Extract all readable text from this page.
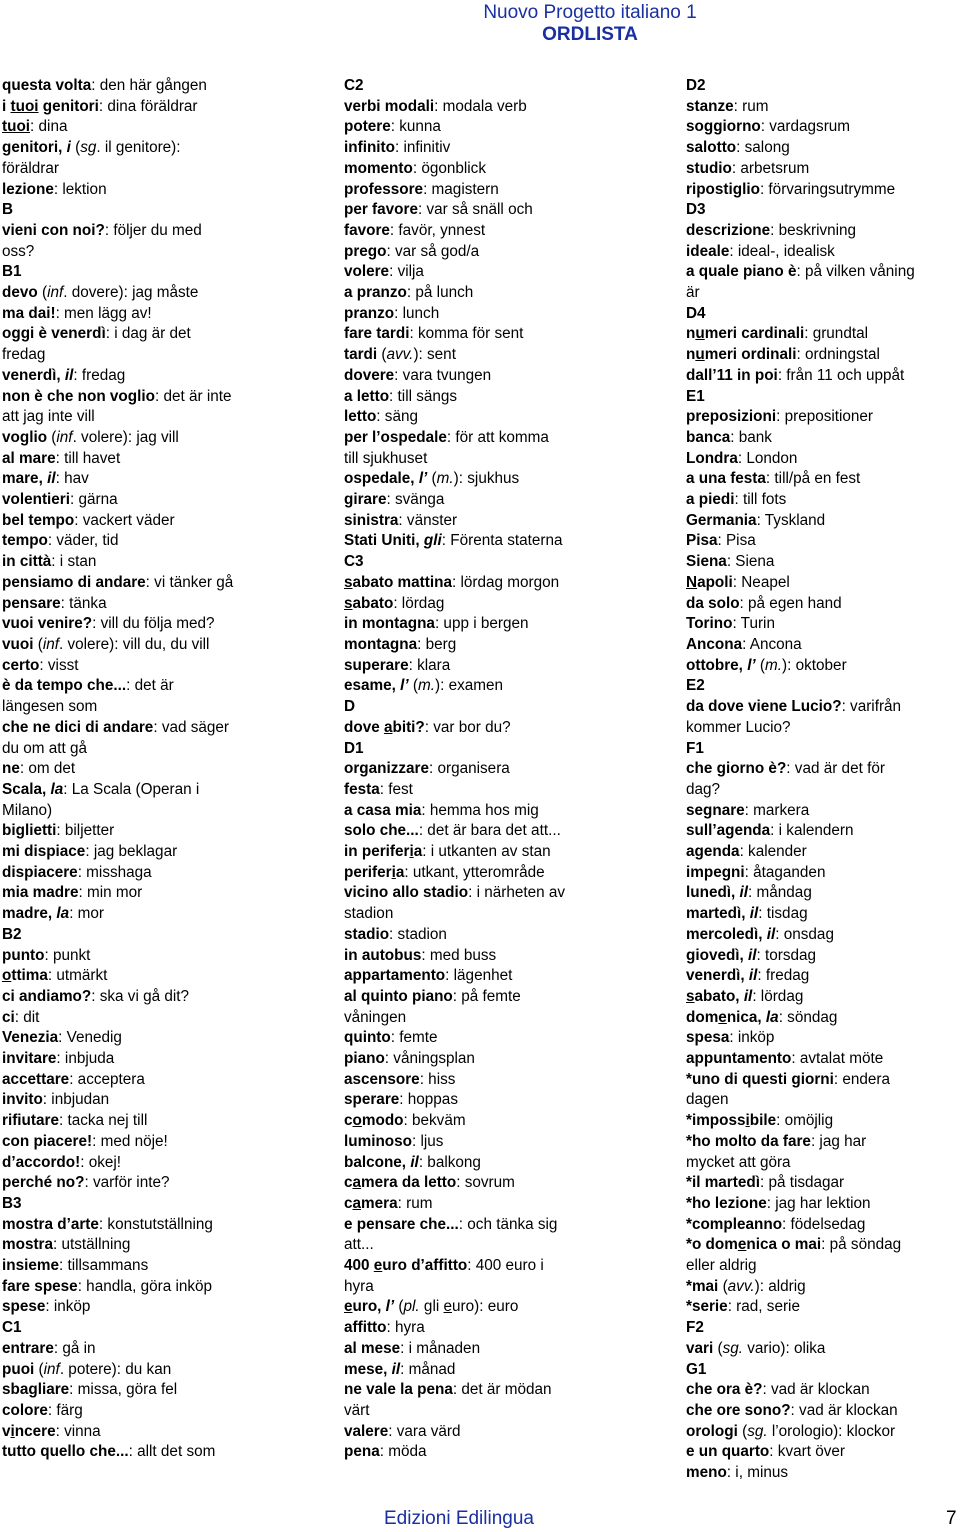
Nuovo Progetto italiano 1
ORDLISTA
questa volta: den här gången
i tuoi genitori: dina föräldrar
tuoi: dina
genitori, i (sg. il genitore):
föräldrar
lezione: lektion
B
vieni con noi?: följer du med
oss?
B1
devo (inf. dovere): jag måste
ma dai!: men lägg av!
oggi è venerdì: i dag är det
fredag
venerdì, il: fredag
non è che non voglio: det är inte
att jag inte vill
voglio (inf. volere): jag vill
al mare: till havet
mare, il: hav
volentieri: gärna
bel tempo: vackert väder
tempo: väder, tid
in città: i stan
pensiamo di andare: vi tänker gå
pensare: tänka
vuoi venire?: vill du följa med?
vuoi (inf. volere): vill du, du vill
certo: visst
è da tempo che...: det är
längesen som
che ne dici di andare: vad säger
du om att gå
ne: om det
Scala, la: La Scala (Operan i
Milano)
biglietti: biljetter
mi dispiace: jag beklagar
dispiacere: misshaga
mia madre: min mor
madre, la: mor
B2
punto: punkt
ottima: utmärkt
ci andiamo?: ska vi gå dit?
ci: dit
Venezia: Venedig
invitare: inbjuda
accettare: acceptera
invito: inbjudan
rifiutare: tacka nej till
con piacere!: med nöje!
d’accordo!: okej!
perché no?: varför inte?
B3
mostra d’arte: konstutställning
mostra: utställning
insieme: tillsammans
fare spese: handla, göra inköp
spese: inköp
C1
entrare: gå in
puoi (inf. potere): du kan
sbagliare: missa, göra fel
colore: färg
vincere: vinna
tutto quello che...: allt det som
C2
verbi modali: modala verb
potere: kunna
infinito: infinitiv
momento: ögonblick
professore: magistern
per favore: var så snäll och
favore: favör, ynnest
prego: var så god/a
volere: vilja
a pranzo: på lunch
pranzo: lunch
fare tardi: komma för sent
tardi (avv.): sent
dovere: vara tvungen
a letto: till sängs
letto: säng
per l’ospedale: för att komma
till sjukhuset
ospedale, l’ (m.): sjukhus
girare: svänga
sinistra: vänster
Stati Uniti, gli: Förenta staterna
C3
sabato mattina: lördag morgon
sabato: lördag
in montagna: upp i bergen
montagna: berg
superare: klara
esame, l’ (m.): examen
D
dove abiti?: var bor du?
D1
organizzare: organisera
festa: fest
a casa mia: hemma hos mig
solo che...: det är bara det att...
in periferia: i utkanten av stan
periferia: utkant, ytterområde
vicino allo stadio: i närheten av
stadion
stadio: stadion
in autobus: med buss
appartamento: lägenhet
al quinto piano: på femte
våningen
quinto: femte
piano: våningsplan
ascensore: hiss
sperare: hoppas
comodo: bekväm
luminoso: ljus
balcone, il: balkong
camera da letto: sovrum
camera: rum
e pensare che...: och tänka sig
att...
400 euro d’affitto: 400 euro i
hyra
euro, l’ (pl. gli euro): euro
affitto: hyra
al mese: i månaden
mese, il: månad
ne vale la pena: det är mödan
värt
valere: vara värd
pena: möda
D2
stanze: rum
soggiorno: vardagsrum
salotto: salong
studio: arbetsrum
ripostiglio: förvaringsutrymme
D3
descrizione: beskrivning
ideale: ideal-, idealisk
a quale piano è: på vilken våning
är
D4
numeri cardinali: grundtal
numeri ordinali: ordningstal
dall’11 in poi: från 11 och uppåt
E1
preposizioni: prepositioner
banca: bank
Londra: London
a una festa: till/på en fest
a piedi: till fots
Germania: Tyskland
Pisa: Pisa
Siena: Siena
Napoli: Neapel
da solo: på egen hand
Torino: Turin
Ancona: Ancona
ottobre, l’ (m.): oktober
E2
da dove viene Lucio?: varifrån
kommer Lucio?
F1
che giorno è?: vad är det för
dag?
segnare: markera
sull’agenda: i kalendern
agenda: kalender
impegni: åtaganden
lunedì, il: måndag
martedì, il: tisdag
mercoledì, il: onsdag
giovedì, il: torsdag
venerdì, il: fredag
sabato, il: lördag
domenica, la: söndag
spesa: inköp
appuntamento: avtalat möte
*uno di questi giorni: endera
dagen
*impossibile: omöjlig
*ho molto da fare: jag har
mycket att göra
*il martedì: på tisdagar
*ho lezione: jag har lektion
*compleanno: födelsedag
*o domenica o mai: på söndag
eller aldrig
*mai (avv.): aldrig
*serie: rad, serie
F2
vari (sg. vario): olika
G1
che ora è?: vad är klockan
che ore sono?: vad är klockan
orologi (sg. l’orologio): klockor
e un quarto: kvart över
meno: i, minus
Edizioni Edilingua	7
